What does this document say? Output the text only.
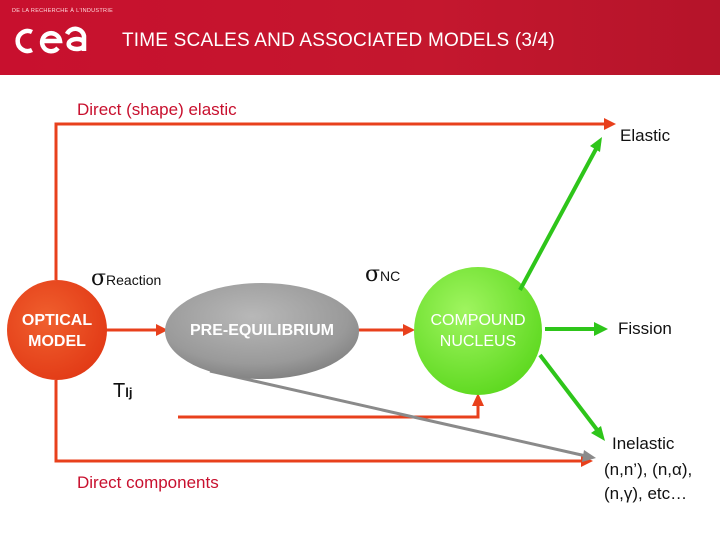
DE LA RECHERCHE À L'INDUSTRIE
TIME SCALES AND ASSOCIATED MODELS (3/4)
Direct (shape) elastic
Elastic
σReaction	σNC
OPTICAL
MODEL
PRE-EQUILIBRIUM
COMPOUND
NUCLEUS
Fission
Tlj
Inelastic
(n,n’), (n,α),
(n,γ), etc…
Direct components
